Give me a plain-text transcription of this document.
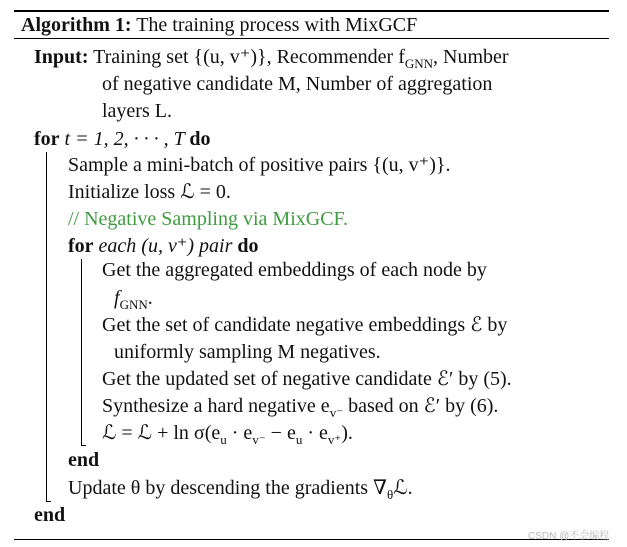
Algorithm 1: The training process with MixGCF
Input: Training set {(u, v⁺)}, Recommender $f_{GNN}$, Number
of negative candidate M, Number of aggregation
layers L.
for t = 1, 2, · · · , T do
Sample a mini-batch of positive pairs {(u, v⁺)}.
Initialize loss ℒ = 0.
// Negative Sampling via MixGCF.
for each (u, v⁺) pair do
Get the aggregated embeddings of each node by
$f_{GNN}$.
Get the set of candidate negative embeddings ℰ by
uniformly sampling M negatives.
Get the updated set of negative candidate ℰ′ by (5).
Synthesize a hard negative $e_{v^-}$ based on ℰ′ by (6).
ℒ = ℒ + $\ln \sigma(e_u \cdot e_{v^-} - e_u \cdot e_{v^+})$.
end
Update θ by descending the gradients $\nabla_\theta ℒ$.
end
CSDN @不会编程
